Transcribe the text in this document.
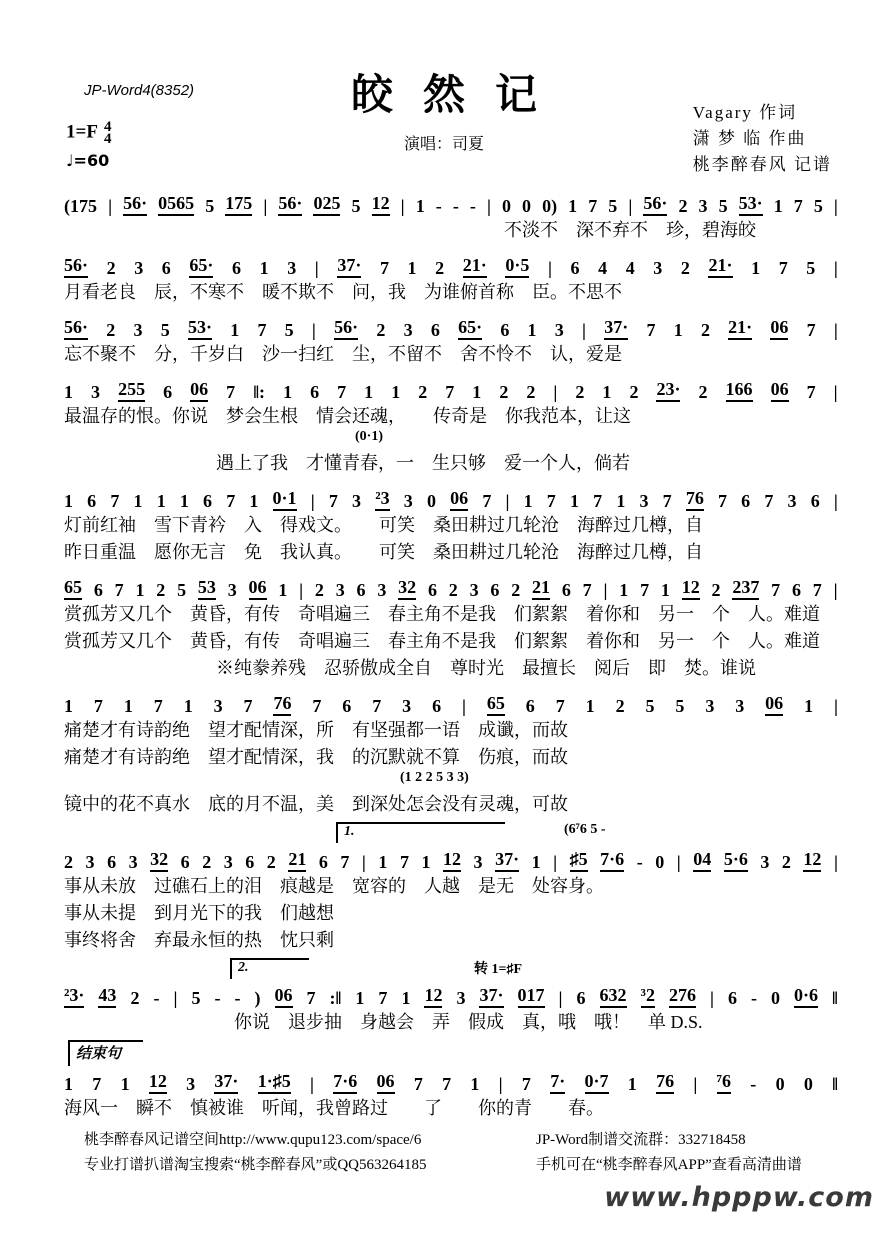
JP-Word4(8352)	皎然记
演唱：司夏
Vagary 作词
潇 梦 临 作曲
桃李醉春风 记谱
1=F 4
4
♩=60
(175 | 56· 0565 5 175 | 56· 025 5 12 | 1 - - - | 0 0 0) 1 7 5 | 56· 2 3 5 53· 1 7 5 |
不淡不　深不弃不　珍，碧海皎
56· 2 3 6 65· 6 1 3 | 37· 7 1 2 21· 0·5 | 6 4 4 3 2 21· 1 7 5 |
月看老良　辰，不寒不　暖不欺不　问，我　为谁俯首称　臣。不思不
56· 2 3 5 53· 1 7 5 | 56· 2 3 6 65· 6 1 3 | 37· 7 1 2 21· 06 7 |
忘不聚不　分，千岁白　沙一扫红　尘，不留不　舍不怜不　认，爱是
1 3 255 6 06 7 ‖: 1 6 7 1 1 2 7 1 2 2 | 2 1 2 23· 2 166 06 7 |
最温存的恨。你说　梦会生根　情会还魂，　　传奇是　你我范本，让这
(0·1)
遇上了我　才懂青春，一　生只够　爱一个人，倘若
1 6 7 1 1 1 6 7 1 0·1 | 7 3 ²3 3 0 06 7 | 1 7 1 7 1 3 7 76 7 6 7 3 6 |
灯前红袖　雪下青衿　入　得戏文。　　可笑　桑田耕过几轮沧　海醉过几樽，自
昨日重温　愿你无言　免　我认真。　　可笑　桑田耕过几轮沧　海醉过几樽，自
65 6 7 1 2 5 53 3 06 1 | 2 3 6 3 32 6 2 3 6 2 21 6 7 | 1 7 1 12 2 237 7 6 7 |
赏孤芳又几个　黄昏，有传　奇唱遍三　春主角不是我　们絮絮　着你和　另一　个　人。难道
赏孤芳又几个　黄昏，有传　奇唱遍三　春主角不是我　们絮絮　着你和　另一　个　人。难道
※纯豢养残　忍骄傲成全自　尊时光　最擅长　阅后　即　焚。谁说
1 7 1 7 1 3 7 76 7 6 7 3 6 | 65 6 7 1 2 5 5 3 3 06 1 |
痛楚才有诗韵绝　望才配情深，所　有坚强都一语　成谶，而故
痛楚才有诗韵绝　望才配情深，我　的沉默就不算　伤痕，而故
(1 2 2 5 3 3)
镜中的花不真水　底的月不温，美　到深处怎会没有灵魂，可故
1.	(6⁷6 5 -
2 3 6 3 32 6 2 3 6 2 21 6 7 | 1 7 1 12 3 37· 1 | ♯5 7·6 - 0 | 04 5·6 3 2 12 |
事从未放　过礁石上的泪　痕越是　宽容的　人越　是无　处容身。
事从未提　到月光下的我　们越想
事终将舍　弃最永恒的热　忱只剩
2.	转 1=♯F
²3· 43 2 - | 5 - - ) 06 7 :‖ 1 7 1 12 3 37· 017 | 6 632 ³2 276 | 6 - 0 0·6 ‖
你说　退步抽　身越会　弄　假成　真，哦　哦！　单 D.S.
结束句
1 7 1 12 3 37· 1·♯5 | 7·6 06 7 7 1 | 7 7· 0·7 1 76 | ⁷6 - 0 0 ‖
海风一　瞬不　慎被谁　听闻，我曾路过　　了　　你的青　　春。
桃李醉春风记谱空间http://www.qupu123.com/space/6
专业打谱扒谱淘宝搜索“桃李醉春风”或QQ563264185
JP-Word制谱交流群：332718458
手机可在“桃李醉春风APP”查看高清曲谱
www.hpppw.com
